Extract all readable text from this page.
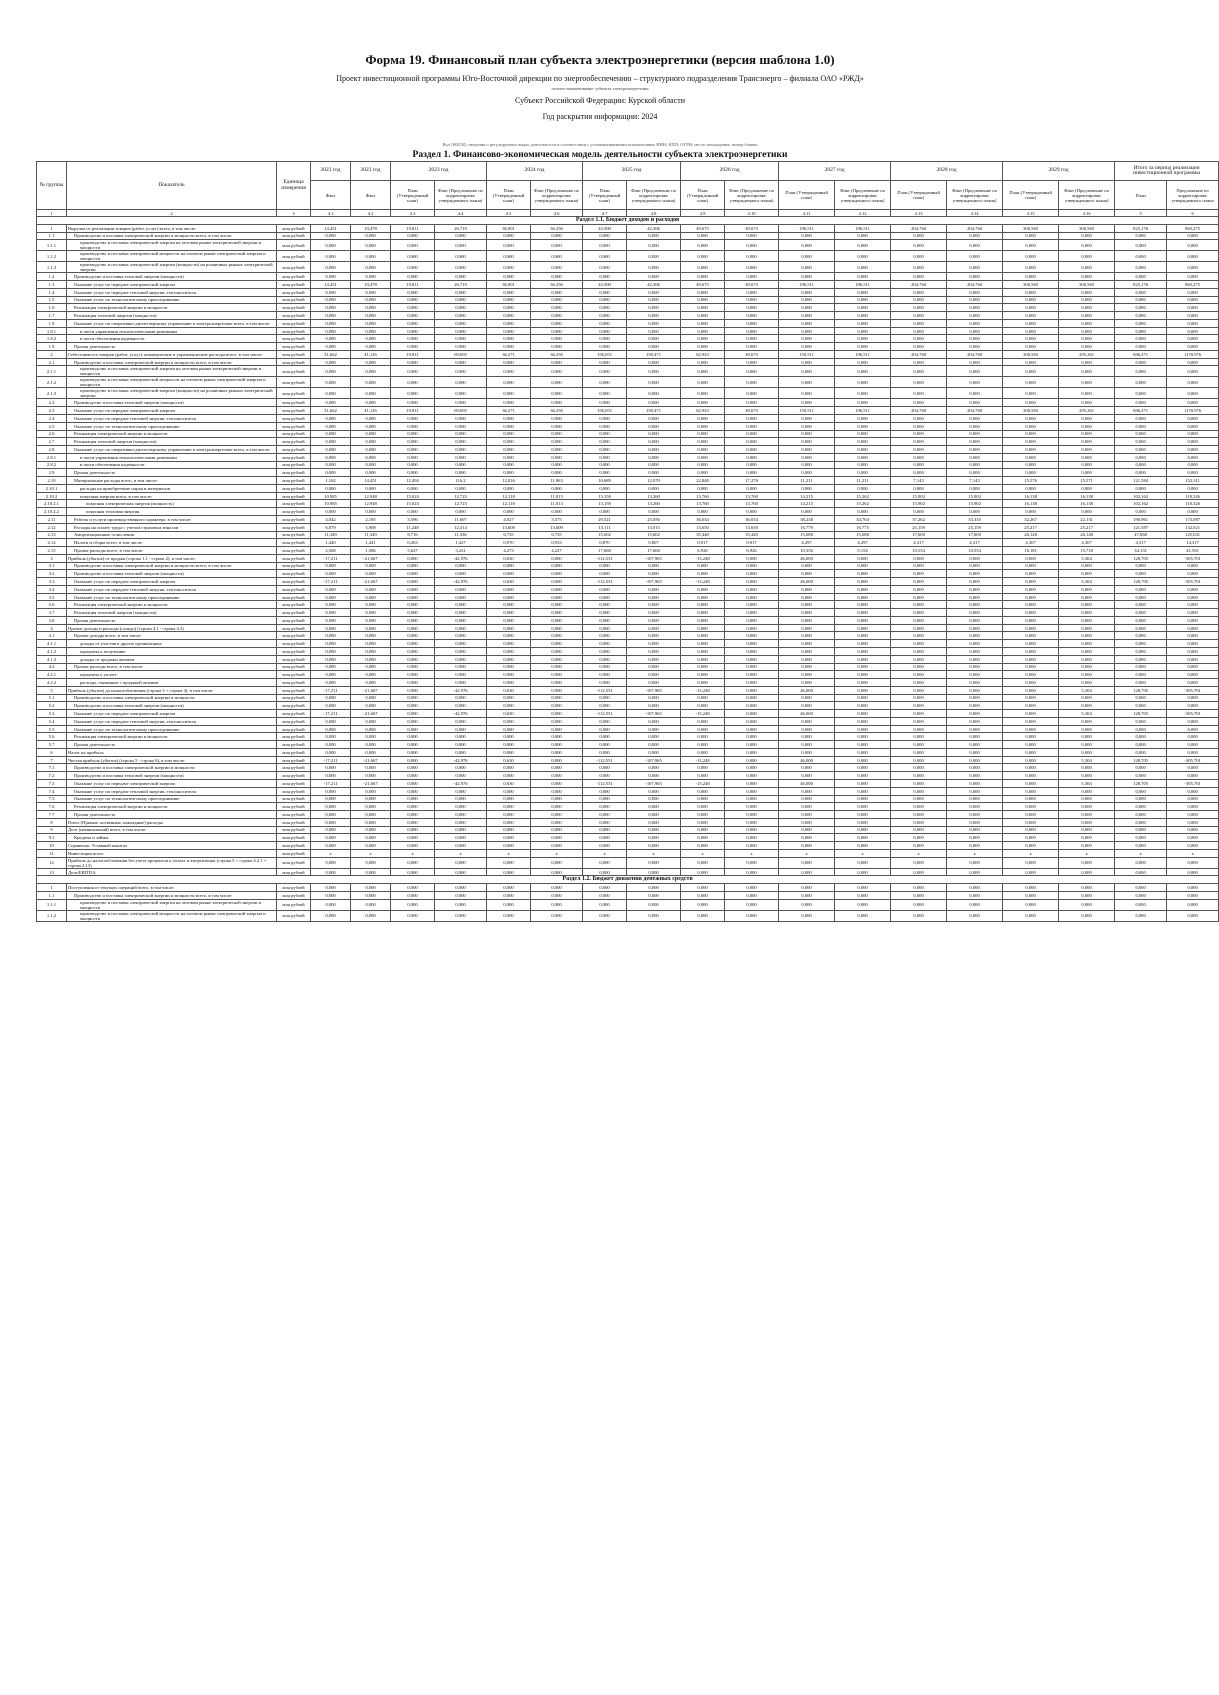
Форма 19. Финансовый план субъекта электроэнергетики (версия шаблона 1.0)
Проект инвестиционной программы Юго-Восточной дирекции по энергообеспечению – структурного подразделения Трансэнерго – филиала ОАО «РЖД»
полное наименование субъекта электроэнергетики
Субъект Российской Федерации: Курской области
Год раскрытия информации: 2024
Код ОКВЭД; сведения о регулируемых видах деятельности в соответствии с устанавливаемыми показателями; ИНН; КПП; ОГРН; место нахождения; номер бланка
Раздел 1. Финансово-экономическая модель деятельности субъекта электроэнергетики
№ группы	Показатель	Единица измерения	2023 год	2023 год	2023 год		2024 год		2025 год		2026 год		2027 год		2028 год		2029 год		Итого за период реализации инвестиционной программы	
			Факт	Факт	План (Утвержденный план)	Факт (Предложение по корректировке утвержденного плана)	План (Утвержденный план)	Факт (Предложение по корректировке утвержденного плана)	План (Утвержденный план)	Факт (Предложение по корректировке утвержденного плана)	План (Утвержденный план)	Факт (Предложение по корректировке утвержденного плана)	План (Утвержденный план)	Факт (Предложение по корректировке утвержденного плана)	План (Утвержденный план)	Факт (Предложение по корректировке утвержденного плана)	План (Утвержденный план)	Факт (Предложение по корректировке утвержденного плана)	План	Предложение по корректировке утвержденного плана
1	2	3	4.1	4.2	4.3	4.4	4.5	4.6	4.7	4.8	4.9	4.10	4.11	4.12	4.13	4.14	4.15	4.16	5	6
Раздел 1.1. Бюджет доходов и расходов																				
1	Выручка от реализации товаров (работ, услуг) всего, в том числе:	млн рублей	14,451	19,478	19,811	26,719	36,901	36,256	43,500	42,506	49,675	49,675	196,511	196,511	204,760	204,760	300,565	300,565	825,176	865,275
1.1	Производство и поставка электрической энергии и мощности всего, в том числе:	млн рублей	0,000	0,000	0,000	0,000	0,000	0,000	0,000	0,000	0,000	0,000	0,000	0,000	0,000	0,000	0,000	0,000	0,000	0,000
1.1.1	производство и поставка электрической энергии на оптовом рынке электрической энергии и мощности	млн рублей	0,000	0,000	0,000	0,000	0,000	0,000	0,000	0,000	0,000	0,000	0,000	0,000	0,000	0,000	0,000	0,000	0,000	0,000
1.1.2	производство и поставка электрической мощности на оптовом рынке электрической энергии и мощности	млн рублей	0,000	0,000	0,000	0,000	0,000	0,000	0,000	0,000	0,000	0,000	0,000	0,000	0,000	0,000	0,000	0,000	0,000	0,000
1.1.3	производство и поставка электрической энергии (мощности) на розничных рынках электрической энергии	млн рублей	0,000	0,000	0,000	0,000	0,000	0,000	0,000	0,000	0,000	0,000	0,000	0,000	0,000	0,000	0,000	0,000	0,000	0,000
1.2	Производство и поставка тепловой энергии (мощности)	млн рублей	0,000	0,000	0,000	0,000	0,000	0,000	0,000	0,000	0,000	0,000	0,000	0,000	0,000	0,000	0,000	0,000	0,000	0,000
1.3	Оказание услуг по передаче электрической энергии	млн рублей	14,451	19,478	19,811	26,719	36,901	36,256	43,500	42,506	49,675	49,675	196,511	196,511	204,760	204,760	300,565	300,565	825,176	865,275
1.4	Оказание услуг по передаче тепловой энергии, теплоносителя	млн рублей	0,000	0,000	0,000	0,000	0,000	0,000	0,000	0,000	0,000	0,000	0,000	0,000	0,000	0,000	0,000	0,000	0,000	0,000
1.5	Оказание услуг по технологическому присоединению	млн рублей	0,000	0,000	0,000	0,000	0,000	0,000	0,000	0,000	0,000	0,000	0,000	0,000	0,000	0,000	0,000	0,000	0,000	0,000
1.6	Реализация электрической энергии и мощности	млн рублей	0,000	0,000	0,000	0,000	0,000	0,000	0,000	0,000	0,000	0,000	0,000	0,000	0,000	0,000	0,000	0,000	0,000	0,000
1.7	Реализация тепловой энергии (мощности)	млн рублей	0,000	0,000	0,000	0,000	0,000	0,000	0,000	0,000	0,000	0,000	0,000	0,000	0,000	0,000	0,000	0,000	0,000	0,000
1.8	Оказание услуг по оперативно-диспетчерскому управлению в электроэнергетике всего, в том числе:	млн рублей	0,000	0,000	0,000	0,000	0,000	0,000	0,000	0,000	0,000	0,000	0,000	0,000	0,000	0,000	0,000	0,000	0,000	0,000
1.8.1	в части управления технологическими режимами	млн рублей	0,000	0,000	0,000	0,000	0,000	0,000	0,000	0,000	0,000	0,000	0,000	0,000	0,000	0,000	0,000	0,000	0,000	0,000
1.8.2	в части обеспечения надежности	млн рублей	0,000	0,000	0,000	0,000	0,000	0,000	0,000	0,000	0,000	0,000	0,000	0,000	0,000	0,000	0,000	0,000	0,000	0,000
1.9	Прочая деятельность	млн рублей	0,000	0,000	0,000	0,000	0,000	0,000	0,000	0,000	0,000	0,000	0,000	0,000	0,000	0,000	0,000	0,000	0,000	0,000
2	Себестоимость товаров (работ, услуг), коммерческие и управленческие расходы всего, в том числе:	млн рублей	31,662	41,145	19,811	69,695	36,271	36,256	156,051	150,471	62,923	49,675	150,511	196,511	204,760	204,760	300,565	295,261	696,471	1170,976
2.1	Производство и поставка электрической энергии и мощности всего, в том числе:	млн рублей	0,000	0,000	0,000	0,000	0,000	0,000	0,000	0,000	0,000	0,000	0,000	0,000	0,000	0,000	0,000	0,000	0,000	0,000
2.1.1	производство и поставка электрической энергии на оптовом рынке электрической энергии и мощности	млн рублей	0,000	0,000	0,000	0,000	0,000	0,000	0,000	0,000	0,000	0,000	0,000	0,000	0,000	0,000	0,000	0,000	0,000	0,000
2.1.2	производство и поставка электрической мощности на оптовом рынке электрической энергии и мощности	млн рублей	0,000	0,000	0,000	0,000	0,000	0,000	0,000	0,000	0,000	0,000	0,000	0,000	0,000	0,000	0,000	0,000	0,000	0,000
2.1.3	производство и поставка электрической энергии (мощности) на розничных рынках электрической энергии	млн рублей	0,000	0,000	0,000	0,000	0,000	0,000	0,000	0,000	0,000	0,000	0,000	0,000	0,000	0,000	0,000	0,000	0,000	0,000
2.2	Производство и поставка тепловой энергии (мощности)	млн рублей	0,000	0,000	0,000	0,000	0,000	0,000	0,000	0,000	0,000	0,000	0,000	0,000	0,000	0,000	0,000	0,000	0,000	0,000
2.3	Оказание услуг по передаче электрической энергии	млн рублей	31,662	41,145	19,811	69,695	36,271	36,256	156,051	150,471	62,923	49,675	150,511	196,511	204,760	204,760	300,565	295,261	696,471	1170,976
2.4	Оказание услуг по передаче тепловой энергии, теплоносителя	млн рублей	0,000	0,000	0,000	0,000	0,000	0,000	0,000	0,000	0,000	0,000	0,000	0,000	0,000	0,000	0,000	0,000	0,000	0,000
2.5	Оказание услуг по технологическому присоединению	млн рублей	0,000	0,000	0,000	0,000	0,000	0,000	0,000	0,000	0,000	0,000	0,000	0,000	0,000	0,000	0,000	0,000	0,000	0,000
2.6	Реализация электрической энергии и мощности	млн рублей	0,000	0,000	0,000	0,000	0,000	0,000	0,000	0,000	0,000	0,000	0,000	0,000	0,000	0,000	0,000	0,000	0,000	0,000
2.7	Реализация тепловой энергии (мощности)	млн рублей	0,000	0,000	0,000	0,000	0,000	0,000	0,000	0,000	0,000	0,000	0,000	0,000	0,000	0,000	0,000	0,000	0,000	0,000
2.8	Оказание услуг по оперативно-диспетчерскому управлению в электроэнергетике всего, в том числе:	млн рублей	0,000	0,000	0,000	0,000	0,000	0,000	0,000	0,000	0,000	0,000	0,000	0,000	0,000	0,000	0,000	0,000	0,000	0,000
2.8.1	в части управления технологическими режимами	млн рублей	0,000	0,000	0,000	0,000	0,000	0,000	0,000	0,000	0,000	0,000	0,000	0,000	0,000	0,000	0,000	0,000	0,000	0,000
2.8.2	в части обеспечения надежности	млн рублей	0,000	0,000	0,000	0,000	0,000	0,000	0,000	0,000	0,000	0,000	0,000	0,000	0,000	0,000	0,000	0,000	0,000	0,000
2.9	Прочая деятельность	млн рублей	0,000	0,000	0,000	0,000	0,000	0,000	0,000	0,000	0,000	0,000	0,000	0,000	0,000	0,000	0,000	0,000	0,000	0,000
2.10	Материальные расходы всего, в том числе:	млн рублей	1,162	14,451	12,494	116,2	12,016	11,963	10,689	12,070	22,848	17,276	11,211	11,211	7,143	7,143	15,576	15,571	121,584	152,311
2.10.1	расходы на приобретение сырья и материалов	млн рублей	0,000	0,000	0,000	0,000	0,000	0,000	0,000	0,000	0,000	0,000	0,000	0,000	0,000	0,000	0,000	0,000	0,000	0,000
2.10.2	покупная энергия всего, в том числе:	млн рублей	10,985	12,948	15,024	12,723	12,118	11,013	13,158	13,260	13,760	13,760	14,215	15,262	15,902	15,902	16,138	16,138	102,162	118,326
2.10.2.1	покупная электрическая энергия (мощность)	млн рублей	10,985	12,948	15,024	12,723	12,118	11,013	13,158	13,260	13,760	13,760	14,215	15,262	15,902	15,902	16,138	16,138	102,162	118,326
2.10.2.2	покупная тепловая энергия	млн рублей	0,000	0,000	0,000	0,000	0,000	0,000	0,000	0,000	0,000	0,000	0,000	0,000	0,000	0,000	0,000	0,000	0,000	0,000
2.11	Работы и услуги производственного характера, в том числе:	млн рублей	4,042	2,185	3,596	11,607	4,027	3,575	29,521	25,056	36,034	36,034	38,238	34,764	37,262	33,335	32,267	22,131	190,961	173,087
2.12	Расходы на оплату труда с учетом страховых взносов	млн рублей	6,079	5,908	11,248	12,414	13,608	13,609	13,111	13,015	13,650	13,650	16,779	16,775	25,159	25,159	25,217	25,217	121,587	132,021
2.13	Амортизационные отчисления	млн рублей	11,349	11,349	8,716	11,336	6,735	6,735	15,602	15,602	35,440	35,440	15,688	15,688	17,600	17,600	26,148	26,148	47,668	125,041
2.14	Налоги и сборы всего, в том числе:	млн рублей	1,440	1,441	0,263	1,427	0,970	0,933	0,870	0,807	0,917	0,917	4,297	4,297	4,317	4,317	4,307	4,307	4,317	14,317
2.15	Прочие расходы всего, в том числе:	млн рублей	2,568	1,586	5,627	3,231	4,273	4,227	17,668	17,668	6,926	6,926	10,356	9,154	10,554	10,554	16,181	15,718	34,131	41,561
3	Прибыль (убыток) от продаж (строка 1.1 - строка 2), в том числе:	млн рублей	-17,211	-21,667	0,000	-42,976	0,630	0,000	-112,551	-107,965	-13,248	0,000	46,000	0,000	0,000	0,000	0,000	5,304	128,705	-305,701
3.1	Производство и поставка электрической энергии и мощности всего, в том числе:	млн рублей	0,000	0,000	0,000	0,000	0,000	0,000	0,000	0,000	0,000	0,000	0,000	0,000	0,000	0,000	0,000	0,000	0,000	0,000
3.2	Производство и поставка тепловой энергии (мощности)	млн рублей	0,000	0,000	0,000	0,000	0,000	0,000	0,000	0,000	0,000	0,000	0,000	0,000	0,000	0,000	0,000	0,000	0,000	0,000
3.3	Оказание услуг по передаче электрической энергии	млн рублей	-17,211	-21,667	0,000	-42,976	0,630	0,000	-112,551	-107,965	-13,248	0,000	46,000	0,000	0,000	0,000	0,000	5,304	128,705	-305,701
3.4	Оказание услуг по передаче тепловой энергии, теплоносителя	млн рублей	0,000	0,000	0,000	0,000	0,000	0,000	0,000	0,000	0,000	0,000	0,000	0,000	0,000	0,000	0,000	0,000	0,000	0,000
3.5	Оказание услуг по технологическому присоединению	млн рублей	0,000	0,000	0,000	0,000	0,000	0,000	0,000	0,000	0,000	0,000	0,000	0,000	0,000	0,000	0,000	0,000	0,000	0,000
3.6	Реализация электрической энергии и мощности	млн рублей	0,000	0,000	0,000	0,000	0,000	0,000	0,000	0,000	0,000	0,000	0,000	0,000	0,000	0,000	0,000	0,000	0,000	0,000
3.7	Реализация тепловой энергии (мощности)	млн рублей	0,000	0,000	0,000	0,000	0,000	0,000	0,000	0,000	0,000	0,000	0,000	0,000	0,000	0,000	0,000	0,000	0,000	0,000
3.8	Прочая деятельность	млн рублей	0,000	0,000	0,000	0,000	0,000	0,000	0,000	0,000	0,000	0,000	0,000	0,000	0,000	0,000	0,000	0,000	0,000	0,000
4	Прочие доходы и расходы (сальдо) (строка 4.1 - строка 4.2)	млн рублей	0,000	0,000	0,000	0,000	0,000	0,000	0,000	0,000	0,000	0,000	0,000	0,000	0,000	0,000	0,000	0,000	0,000	0,000
4.1	Прочие доходы всего, в том числе:	млн рублей	0,000	0,000	0,000	0,000	0,000	0,000	0,000	0,000	0,000	0,000	0,000	0,000	0,000	0,000	0,000	0,000	0,000	0,000
4.1.1	доходы от участия в других организациях	млн рублей	0,000	0,000	0,000	0,000	0,000	0,000	0,000	0,000	0,000	0,000	0,000	0,000	0,000	0,000	0,000	0,000	0,000	0,000
4.1.2	проценты к получению	млн рублей	0,000	0,000	0,000	0,000	0,000	0,000	0,000	0,000	0,000	0,000	0,000	0,000	0,000	0,000	0,000	0,000	0,000	0,000
4.1.3	доходы от продажи активов	млн рублей	0,000	0,000	0,000	0,000	0,000	0,000	0,000	0,000	0,000	0,000	0,000	0,000	0,000	0,000	0,000	0,000	0,000	0,000
4.2	Прочие расходы всего, в том числе:	млн рублей	0,000	0,000	0,000	0,000	0,000	0,000	0,000	0,000	0,000	0,000	0,000	0,000	0,000	0,000	0,000	0,000	0,000	0,000
4.2.1	проценты к уплате	млн рублей	0,000	0,000	0,000	0,000	0,000	0,000	0,000	0,000	0,000	0,000	0,000	0,000	0,000	0,000	0,000	0,000	0,000	0,000
4.2.2	расходы, связанные с продажей активов	млн рублей	0,000	0,000	0,000	0,000	0,000	0,000	0,000	0,000	0,000	0,000	0,000	0,000	0,000	0,000	0,000	0,000	0,000	0,000
5	Прибыль (убыток) до налогообложения (строка 3 + строка 4), в том числе:	млн рублей	-17,211	-21,667	0,000	-42,976	0,630	0,000	-112,551	-107,965	-13,248	0,000	46,000	0,000	0,000	0,000	0,000	5,304	128,705	-305,701
5.1	Производство и поставка электрической энергии и мощности	млн рублей	0,000	0,000	0,000	0,000	0,000	0,000	0,000	0,000	0,000	0,000	0,000	0,000	0,000	0,000	0,000	0,000	0,000	0,000
5.2	Производство и поставка тепловой энергии (мощности)	млн рублей	0,000	0,000	0,000	0,000	0,000	0,000	0,000	0,000	0,000	0,000	0,000	0,000	0,000	0,000	0,000	0,000	0,000	0,000
5.3	Оказание услуг по передаче электрической энергии	млн рублей	-17,211	-21,667	0,000	-42,976	0,630	0,000	-112,551	-107,965	-13,248	0,000	46,000	0,000	0,000	0,000	0,000	5,304	128,705	-305,701
5.4	Оказание услуг по передаче тепловой энергии, теплоносителя	млн рублей	0,000	0,000	0,000	0,000	0,000	0,000	0,000	0,000	0,000	0,000	0,000	0,000	0,000	0,000	0,000	0,000	0,000	0,000
5.5	Оказание услуг по технологическому присоединению	млн рублей	0,000	0,000	0,000	0,000	0,000	0,000	0,000	0,000	0,000	0,000	0,000	0,000	0,000	0,000	0,000	0,000	0,000	0,000
5.6	Реализация электрической энергии и мощности	млн рублей	0,000	0,000	0,000	0,000	0,000	0,000	0,000	0,000	0,000	0,000	0,000	0,000	0,000	0,000	0,000	0,000	0,000	0,000
5.7	Прочая деятельность	млн рублей	0,000	0,000	0,000	0,000	0,000	0,000	0,000	0,000	0,000	0,000	0,000	0,000	0,000	0,000	0,000	0,000	0,000	0,000
6	Налог на прибыль	млн рублей	0,000	0,000	0,000	0,000	0,000	0,000	0,000	0,000	0,000	0,000	0,000	0,000	0,000	0,000	0,000	0,000	0,000	0,000
7	Чистая прибыль (убыток) (строка 5 - строка 6), в том числе:	млн рублей	-17,211	-21,667	0,000	-42,976	0,630	0,000	-112,551	-107,965	-13,248	0,000	46,000	0,000	0,000	0,000	0,000	5,304	128,705	-305,701
7.1	Производство и поставка электрической энергии и мощности	млн рублей	0,000	0,000	0,000	0,000	0,000	0,000	0,000	0,000	0,000	0,000	0,000	0,000	0,000	0,000	0,000	0,000	0,000	0,000
7.2	Производство и поставка тепловой энергии (мощности)	млн рублей	0,000	0,000	0,000	0,000	0,000	0,000	0,000	0,000	0,000	0,000	0,000	0,000	0,000	0,000	0,000	0,000	0,000	0,000
7.3	Оказание услуг по передаче электрической энергии	млн рублей	-17,211	-21,667	0,000	-42,976	0,630	0,000	-112,551	-107,965	-13,248	0,000	46,000	0,000	0,000	0,000	0,000	5,304	128,705	-305,701
7.4	Оказание услуг по передаче тепловой энергии, теплоносителя	млн рублей	0,000	0,000	0,000	0,000	0,000	0,000	0,000	0,000	0,000	0,000	0,000	0,000	0,000	0,000	0,000	0,000	0,000	0,000
7.5	Оказание услуг по технологическому присоединению	млн рублей	0,000	0,000	0,000	0,000	0,000	0,000	0,000	0,000	0,000	0,000	0,000	0,000	0,000	0,000	0,000	0,000	0,000	0,000
7.6	Реализация электрической энергии и мощности	млн рублей	0,000	0,000	0,000	0,000	0,000	0,000	0,000	0,000	0,000	0,000	0,000	0,000	0,000	0,000	0,000	0,000	0,000	0,000
7.7	Прочая деятельность	млн рублей	0,000	0,000	0,000	0,000	0,000	0,000	0,000	0,000	0,000	0,000	0,000	0,000	0,000	0,000	0,000	0,000	0,000	0,000
8	Direct (Прямые, косвенные, накладные) расходы	млн рублей	0,000	0,000	0,000	0,000	0,000	0,000	0,000	0,000	0,000	0,000	0,000	0,000	0,000	0,000	0,000	0,000	0,000	0,000
9	Долг (номинальный) всего, в том числе:	млн рублей	0,000	0,000	0,000	0,000	0,000	0,000	0,000	0,000	0,000	0,000	0,000	0,000	0,000	0,000	0,000	0,000	0,000	0,000
9.1	Кредиты и займы	млн рублей	0,000	0,000	0,000	0,000	0,000	0,000	0,000	0,000	0,000	0,000	0,000	0,000	0,000	0,000	0,000	0,000	0,000	0,000
10	Справочно: Уставный капитал	млн рублей	0,000	0,000	0,000	0,000	0,000	0,000	0,000	0,000	0,000	0,000	0,000	0,000	0,000	0,000	0,000	0,000	0,000	0,000
11	Инвестиции всего	млн рублей	x	x	x	x	x	x	x	x	x	x	x	x	x	x	x	x	x	x
12	Прибыль до налогообложения без учета процентов к уплате и амортизации (строка 5 + строка 4.2.1 + строка 2.13)	млн рублей	0,000	0,000	0,000	0,000	0,000	0,000	0,000	0,000	0,000	0,000	0,000	0,000	0,000	0,000	0,000	0,000	0,000	0,000
13	Долг/EBITDA	млн рублей	0,000	0,000	0,000	0,000	0,000	0,000	0,000	0,000	0,000	0,000	0,000	0,000	0,000	0,000	0,000	0,000	0,000	0,000
Раздел 1.2. Бюджет движения денежных средств																				
1	Поступления от текущих операций всего, в том числе:	млн рублей	0,000	0,000	0,000	0,000	0,000	0,000	0,000	0,000	0,000	0,000	0,000	0,000	0,000	0,000	0,000	0,000	0,000	0,000
1.1	Производство и поставка электрической энергии и мощности всего, в том числе:	млн рублей	0,000	0,000	0,000	0,000	0,000	0,000	0,000	0,000	0,000	0,000	0,000	0,000	0,000	0,000	0,000	0,000	0,000	0,000
1.1.1	производство и поставка электрической энергии на оптовом рынке электрической энергии и мощности	млн рублей	0,000	0,000	0,000	0,000	0,000	0,000	0,000	0,000	0,000	0,000	0,000	0,000	0,000	0,000	0,000	0,000	0,000	0,000
1.1.2	производство и поставка электрической мощности на оптовом рынке электрической энергии и мощности	млн рублей	0,000	0,000	0,000	0,000	0,000	0,000	0,000	0,000	0,000	0,000	0,000	0,000	0,000	0,000	0,000	0,000	0,000	0,000
